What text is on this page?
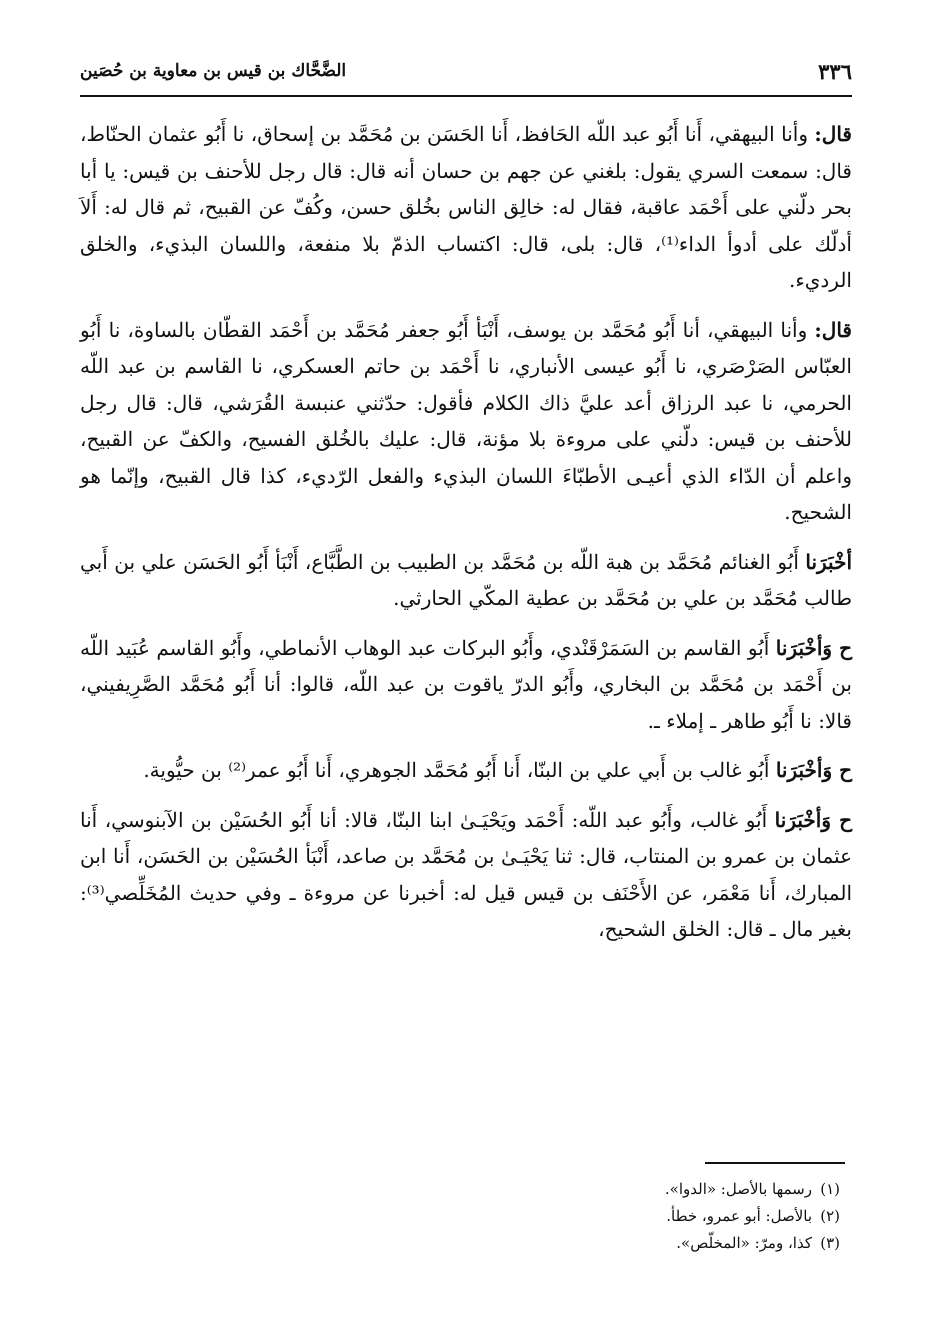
٣٣٦
الضَّحَّاك بن قيس بن معاوية بن حُصَين

قال: وأنا البيهقي، أَنا أَبُو عبد اللّه الحَافظ، أَنا الحَسَن بن مُحَمَّد بن إسحاق، نا أَبُو عثمان الحنّاط، قال: سمعت السري يقول: بلغني عن جهم بن حسان أنه قال: قال رجل للأحنف بن قيس: يا أبا بحر دلّني على أَحْمَد عاقبة، فقال له: خالِق الناس بخُلق حسن، وكُفّ عن القبيح، ثم قال له: أَلاَ أدلّك على أدوأ الداء⁽¹⁾، قال: بلى، قال: اكتساب الذمّ بلا منفعة، واللسان البذيء، والخلق الرديء.

قال: وأنا البيهقي، أنا أَبُو مُحَمَّد بن يوسف، أَنْبَأ أَبُو جعفر مُحَمَّد بن أَحْمَد القطّان بالساوة، نا أَبُو العبّاس الصَرْصَري، نا أَبُو عيسى الأنباري، نا أَحْمَد بن حاتم العسكري، نا القاسم بن عبد اللّه الحرمي، نا عبد الرزاق أعد عليَّ ذاك الكلام فأقول: حدّثني عنبسة القُرَشي، قال: قال رجل للأحنف بن قيس: دلّني على مروءة بلا مؤنة، قال: عليك بالخُلق الفسيح، والكفّ عن القبيح، واعلم أن الدّاء الذي أعيـى الأطبّاءَ اللسان البذيء والفعل الرّديء، كذا قال القبيح، وإنّما هو الشحيح.

أخْبَرَنا أَبُو الغنائم مُحَمَّد بن هبة اللّه بن مُحَمَّد بن الطبيب بن الطَّبَّاع، أَنْبَأ أَبُو الحَسَن علي بن أَبي طالب مُحَمَّد بن علي بن مُحَمَّد بن عطية المكّي الحارثي.

ح وَأخْبَرَنا أَبُو القاسم بن السَمَرْقَنْدي، وأَبُو البركات عبد الوهاب الأنماطي، وأَبُو القاسم عُبَيد اللّه بن أَحْمَد بن مُحَمَّد بن البخاري، وأَبُو الدرّ ياقوت بن عبد اللّه، قالوا: أنا أَبُو مُحَمَّد الصَّرِيفيني، قالا: نا أَبُو طاهر ـ إملاء ـ.

ح وَأخْبَرَنا أَبُو غالب بن أَبي علي بن البنّا، أَنا أَبُو مُحَمَّد الجوهري، أَنا أَبُو عمر⁽²⁾ بن حيُّوية.

ح وَأخْبَرَنا أَبُو غالب، وأَبُو عبد اللّه: أَحْمَد ويَحْيَـىٰ ابنا البنّا، قالا: أنا أَبُو الحُسَيْن بن الآبنوسي، أَنا عثمان بن عمرو بن المنتاب، قال: ثنا يَحْيَـىٰ بن مُحَمَّد بن صاعد، أَنْبَأ الحُسَيْن بن الحَسَن، أَنا ابن المبارك، أَنا مَعْمَر، عن الأَحْنَف بن قيس قيل له: أخبرنا عن مروءة ـ وفي حديث المُخَلِّصي⁽³⁾: بغير مال ـ قال: الخلق الشحيح،

(١)رسمها بالأصل: «الدوا».
(٢)بالأصل: أبو عمرو، خطأ.
(٣)كذا، ومرّ: «المخلّص».
